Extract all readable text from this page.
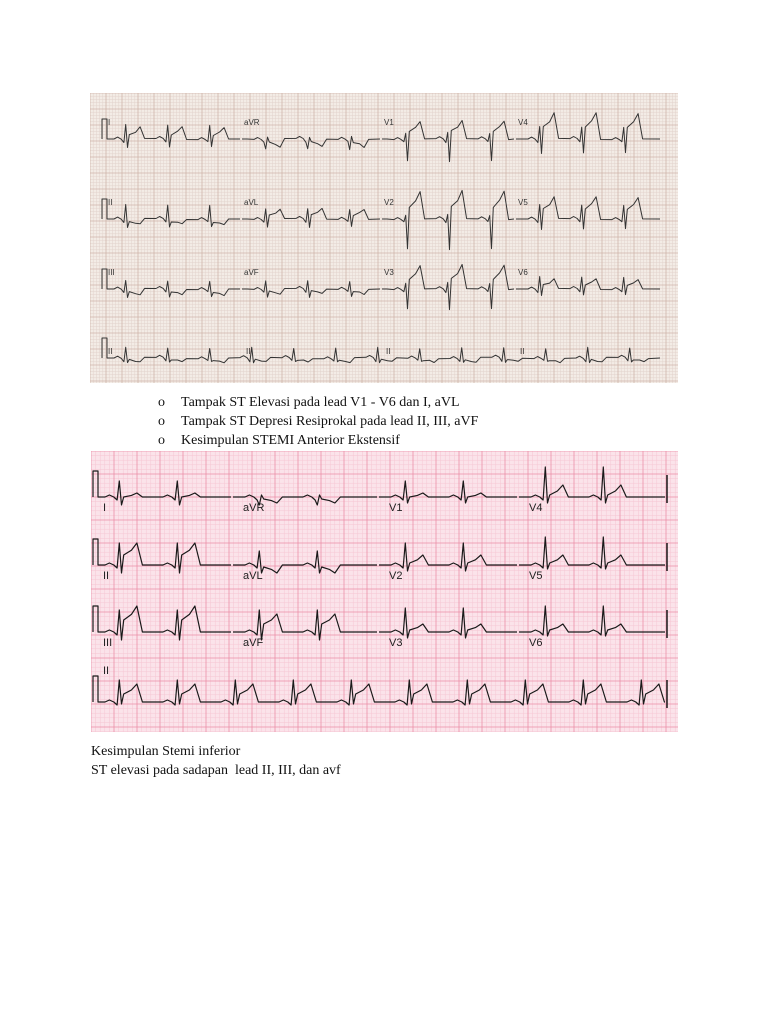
I	aVR	V1	V4
II	aVL	V2	V5
III	aVF	V3	V6
II	II	II	II
o Tampak ST Elevasi pada lead V1 - V6 dan I, aVL
o Tampak ST Depresi Resiprokal pada lead II, III, aVF
o Kesimpulan STEMI Anterior Ekstensif
I	aVR	V1	V4
II	aVL	V2	V5
III	aVF	V3	V6
II
Kesimpulan Stemi inferior
ST elevasi pada sadapan  lead II, III, dan avf
